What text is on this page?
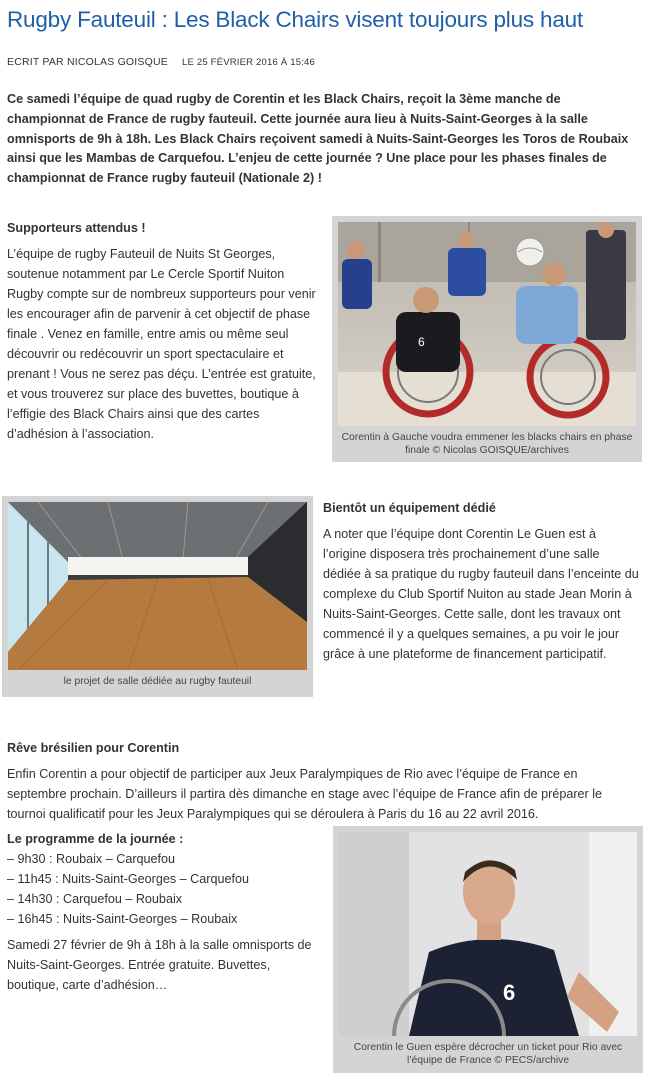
Rugby Fauteuil : Les Black Chairs visent toujours plus haut
ECRIT PAR NICOLAS GOISQUE LE 25 FÉVRIER 2016 À 15:46

Ce samedi l’équipe de quad rugby de Corentin et les Black Chairs, reçoit la 3ème manche de championnat de France de rugby fauteuil. Cette journée aura lieu à Nuits-Saint-Georges à la salle omnisports de 9h à 18h. Les Black Chairs reçoivent samedi à Nuits-Saint-Georges les Toros de Roubaix ainsi que les Mambas de Carquefou. L’enjeu de cette journée ? Une place pour les phases finales de championnat de France rugby fauteuil (Nationale 2) !

Supporteurs attendus !

L’équipe de rugby Fauteuil de Nuits St Georges, soutenue notamment par Le Cercle Sportif Nuiton Rugby compte sur de nombreux supporteurs pour venir les encourager afin de parvenir à cet objectif de phase finale . Venez en famille, entre amis ou même seul découvrir ou redécouvrir un sport spectaculaire et prenant ! Vous ne serez pas déçu. L’entrée est gratuite, et vous trouverez sur place des buvettes, boutique à l’effigie des Black Chairs ainsi que des cartes d’adhésion à l’association.

6
Corentin à Gauche voudra emmener les blacks chairs en phase finale © Nicolas GOISQUE/archives
le projet de salle dédiée au rugby fauteuil
Bientôt un équipement dédié

A noter que l’équipe dont Corentin Le Guen est à l’origine disposera très prochainement d’une salle dédiée à sa pratique du rugby fauteuil dans l’enceinte du complexe du Club Sportif Nuiton au stade Jean Morin à Nuits-Saint-Georges. Cette salle, dont les travaux ont commencé il y a quelques semaines, a pu voir le jour grâce à une plateforme de financement participatif.

Rêve brésilien pour Corentin

Enfin Corentin a pour objectif de participer aux Jeux Paralympiques de Rio avec l’équipe de France en septembre prochain. D’ailleurs il partira dès dimanche en stage avec l’équipe de France afin de préparer le tournoi qualificatif pour les Jeux Paralympiques qui se déroulera à Paris du 16 au 22 avril 2016.

Le programme de la journée :
– 9h30 : Roubaix – Carquefou
– 11h45 : Nuits-Saint-Georges – Carquefou
– 14h30 : Carquefou – Roubaix
– 16h45 : Nuits-Saint-Georges – Roubaix

Samedi 27 février de 9h à 18h à la salle omnisports de Nuits-Saint-Georges. Entrée gratuite. Buvettes, boutique, carte d’adhésion…	6
Corentin le Guen espère décrocher un ticket pour Rio avec l’équipe de France © PECS/archive
